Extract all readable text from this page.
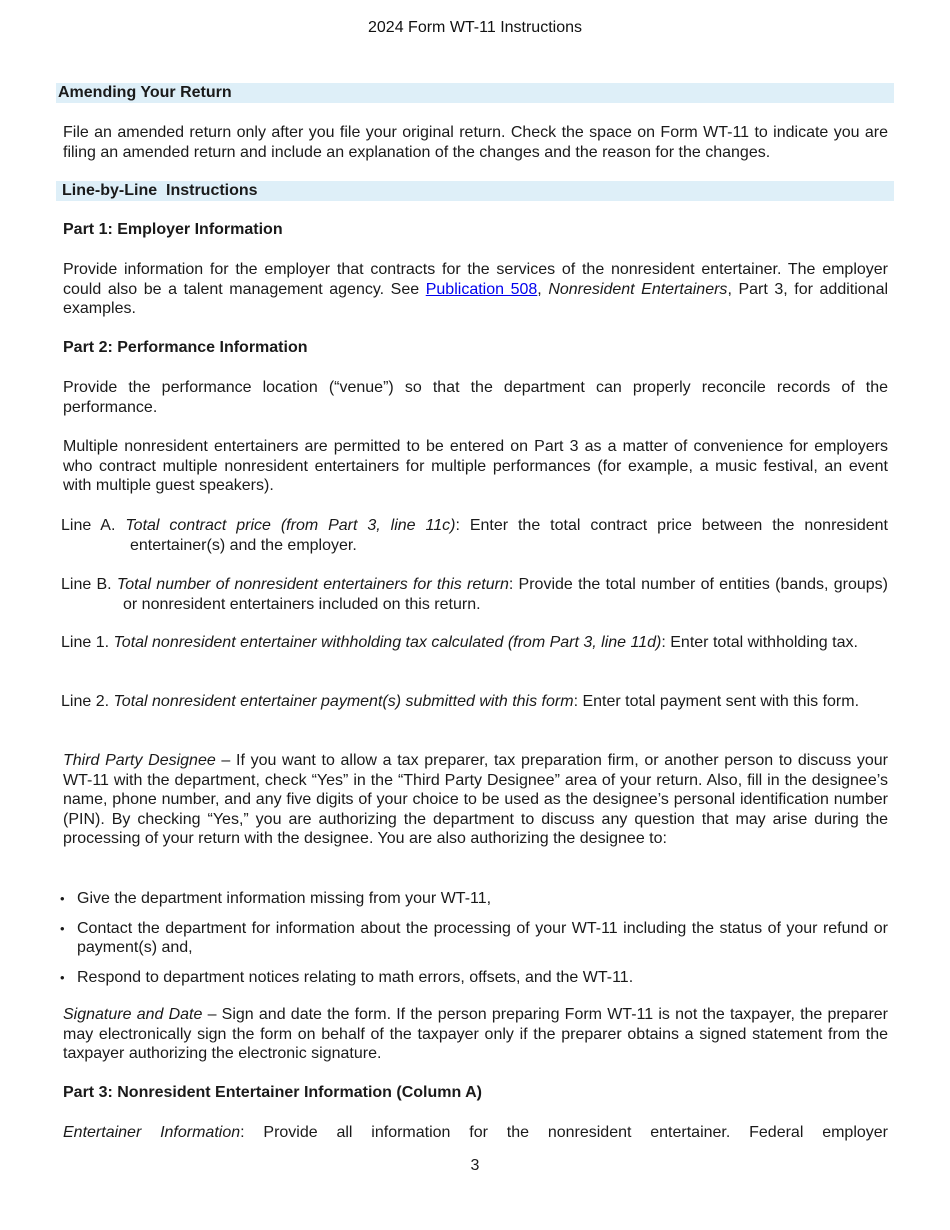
2024 Form WT-11 Instructions
Amending Your Return

File an amended return only after you file your original return. Check the space on Form WT-11 to indicate you are filing an amended return and include an explanation of the changes and the reason for the changes.

Line-by-Line  Instructions

Part 1: Employer Information

Provide information for the employer that contracts for the services of the nonresident entertainer. The employer could also be a talent management agency. See Publication 508, Nonresident Entertainers, Part 3, for additional examples.

Part 2: Performance Information

Provide the performance location (“venue”) so that the department can properly reconcile records of the performance.

Multiple nonresident entertainers are permitted to be entered on Part 3 as a matter of convenience for employers who contract multiple nonresident entertainers for multiple performances (for example, a music festival, an event with multiple guest speakers).

Line A. Total contract price (from Part 3, line 11c): Enter the total contract price between the nonresident entertainer(s) and the employer.

Line B. Total number of nonresident entertainers for this return: Provide the total number of entities (bands, groups) or nonresident entertainers included on this return.

Line 1. Total nonresident entertainer withholding tax calculated (from Part 3, line 11d): Enter total withholding tax.

Line 2. Total nonresident entertainer payment(s) submitted with this form: Enter total payment sent with this form.

Third Party Designee – If you want to allow a tax preparer, tax preparation firm, or another person to discuss your WT-11 with the department, check “Yes” in the “Third Party Designee” area of your return. Also, fill in the designee’s name, phone number, and any five digits of your choice to be used as the designee’s personal identification number (PIN). By checking “Yes,” you are authorizing the department to discuss any question that may arise during the processing of your return with the designee. You are also authorizing the designee to:

• Give the department information missing from your WT-11,
• Contact the department for information about the processing of your WT-11 including the status of your refund or payment(s) and,
• Respond to department notices relating to math errors, offsets, and the WT-11.

Signature and Date – Sign and date the form. If the person preparing Form WT-11 is not the taxpayer, the preparer may electronically sign the form on behalf of the taxpayer only if the preparer obtains a signed statement from the taxpayer authorizing the electronic signature.

Part 3: Nonresident Entertainer Information (Column A)

Entertainer Information: Provide all information for the nonresident entertainer. Federal employer

3
